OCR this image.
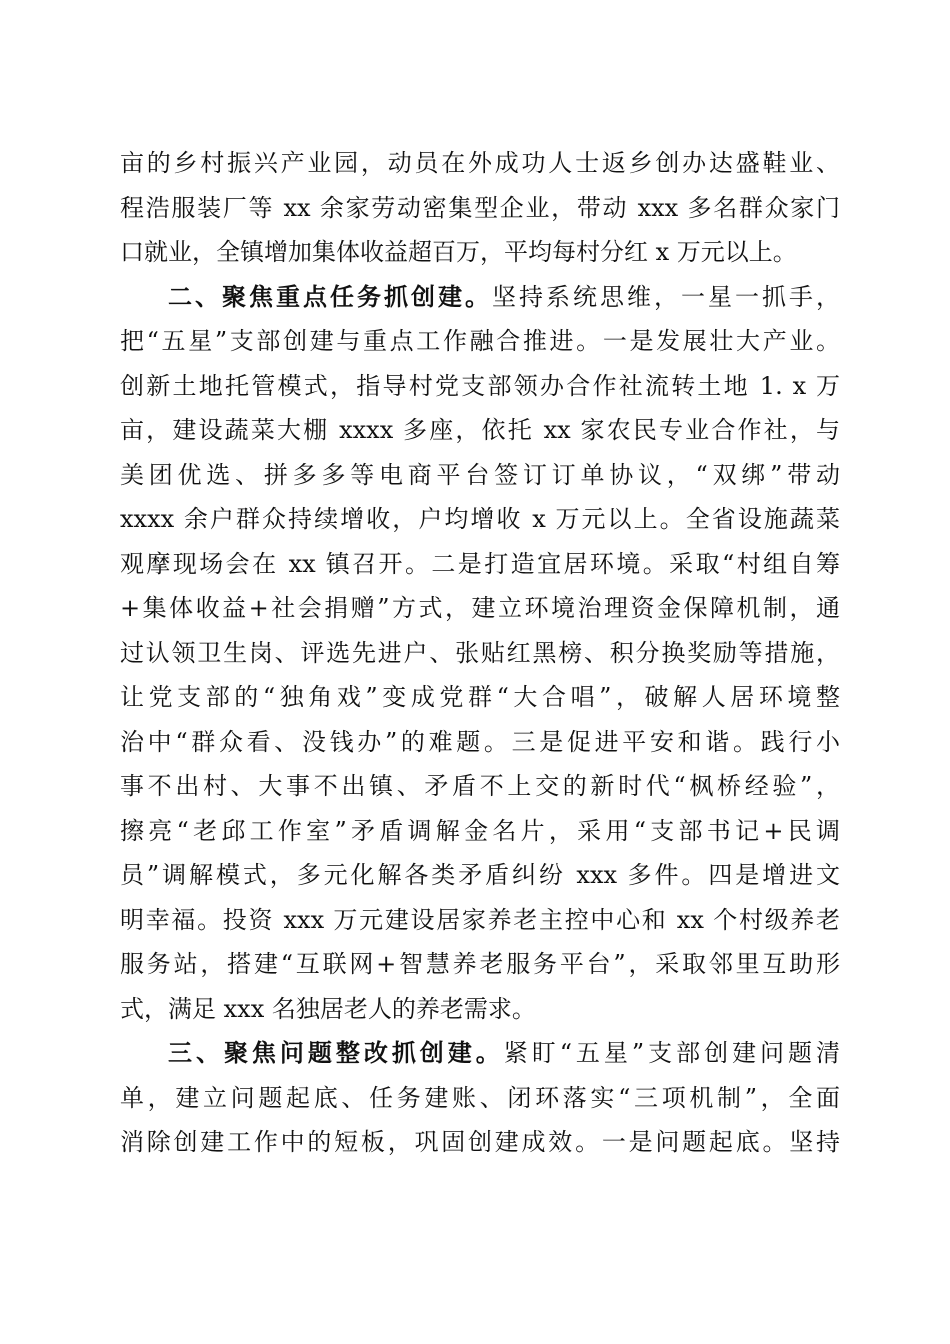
亩的乡村振兴产业园，动员在外成功人士返乡创办达盛鞋业、
程浩服装厂等 xx 余家劳动密集型企业，带动 xxx 多名群众家门
口就业，全镇增加集体收益超百万，平均每村分红 x 万元以上。
二、聚焦重点任务抓创建。坚持系统思维，一星一抓手，
把“五星”支部创建与重点工作融合推进。一是发展壮大产业。
创新土地托管模式，指导村党支部领办合作社流转土地 1. x 万
亩，建设蔬菜大棚 xxxx 多座，依托 xx 家农民专业合作社，与
美团优选、拼多多等电商平台签订订单协议，“双绑”带动
xxxx 余户群众持续增收，户均增收 x 万元以上。全省设施蔬菜
观摩现场会在 xx 镇召开。二是打造宜居环境。采取“村组自筹
+集体收益+社会捐赠”方式，建立环境治理资金保障机制，通
过认领卫生岗、评选先进户、张贴红黑榜、积分换奖励等措施，
让党支部的“独角戏”变成党群“大合唱”，破解人居环境整
治中“群众看、没钱办”的难题。三是促进平安和谐。践行小
事不出村、大事不出镇、矛盾不上交的新时代“枫桥经验”，
擦亮“老邱工作室”矛盾调解金名片，采用“支部书记+民调
员”调解模式，多元化解各类矛盾纠纷 xxx 多件。四是增进文
明幸福。投资 xxx 万元建设居家养老主控中心和 xx 个村级养老
服务站，搭建“互联网+智慧养老服务平台”，采取邻里互助形
式，满足 xxx 名独居老人的养老需求。
三、聚焦问题整改抓创建。紧盯“五星”支部创建问题清
单，建立问题起底、任务建账、闭环落实“三项机制”，全面
消除创建工作中的短板，巩固创建成效。一是问题起底。坚持
